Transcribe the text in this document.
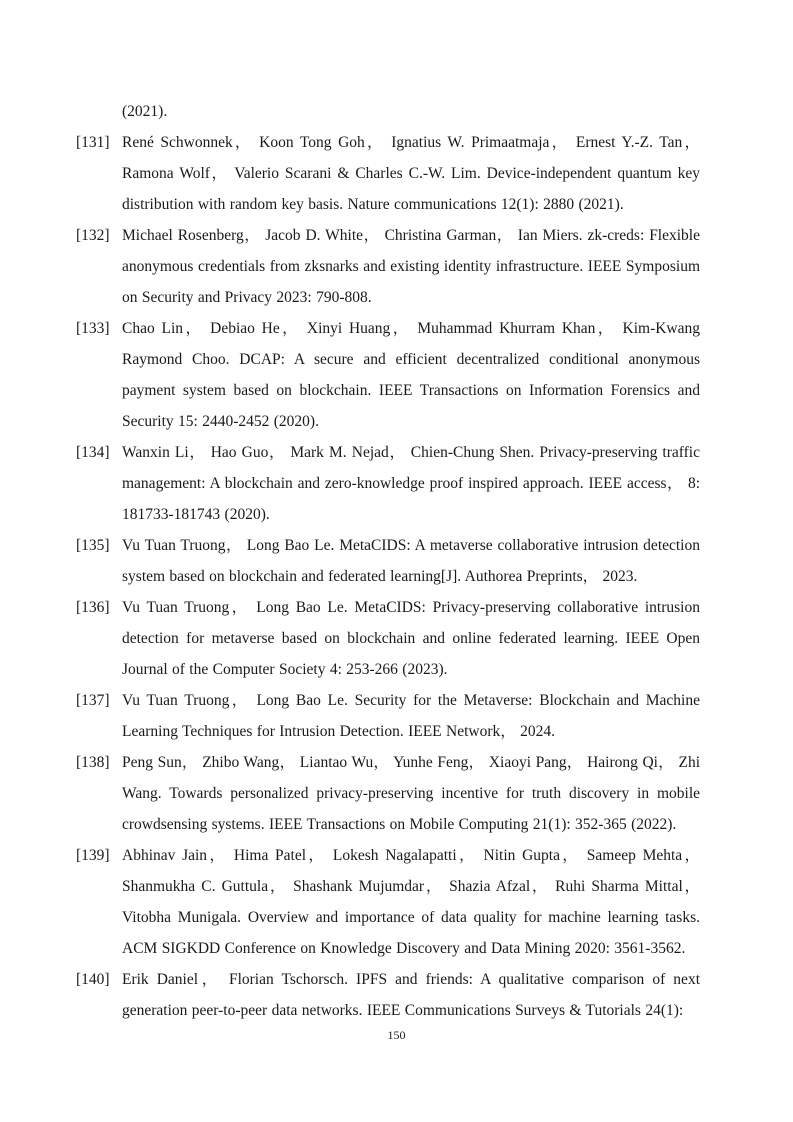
(2021).
[131] René Schwonnek， Koon Tong Goh， Ignatius W. Primaatmaja， Ernest Y.-Z. Tan， Ramona Wolf， Valerio Scarani & Charles C.-W. Lim. Device-independent quantum key distribution with random key basis. Nature communications 12(1): 2880 (2021).
[132] Michael Rosenberg， Jacob D. White， Christina Garman， Ian Miers. zk-creds: Flexible anonymous credentials from zksnarks and existing identity infrastructure. IEEE Symposium on Security and Privacy 2023: 790-808.
[133] Chao Lin， Debiao He， Xinyi Huang， Muhammad Khurram Khan， Kim-Kwang Raymond Choo. DCAP: A secure and efficient decentralized conditional anonymous payment system based on blockchain. IEEE Transactions on Information Forensics and Security 15: 2440-2452 (2020).
[134] Wanxin Li， Hao Guo， Mark M. Nejad， Chien-Chung Shen. Privacy-preserving traffic management: A blockchain and zero-knowledge proof inspired approach. IEEE access， 8: 181733-181743 (2020).
[135] Vu Tuan Truong， Long Bao Le. MetaCIDS: A metaverse collaborative intrusion detection system based on blockchain and federated learning[J]. Authorea Preprints， 2023.
[136] Vu Tuan Truong， Long Bao Le. MetaCIDS: Privacy-preserving collaborative intrusion detection for metaverse based on blockchain and online federated learning. IEEE Open Journal of the Computer Society 4: 253-266 (2023).
[137] Vu Tuan Truong， Long Bao Le. Security for the Metaverse: Blockchain and Machine Learning Techniques for Intrusion Detection. IEEE Network， 2024.
[138] Peng Sun， Zhibo Wang， Liantao Wu， Yunhe Feng， Xiaoyi Pang， Hairong Qi， Zhi Wang. Towards personalized privacy-preserving incentive for truth discovery in mobile crowdsensing systems. IEEE Transactions on Mobile Computing 21(1): 352-365 (2022).
[139] Abhinav Jain， Hima Patel， Lokesh Nagalapatti， Nitin Gupta， Sameep Mehta， Shanmukha C. Guttula， Shashank Mujumdar， Shazia Afzal， Ruhi Sharma Mittal， Vitobha Munigala. Overview and importance of data quality for machine learning tasks. ACM SIGKDD Conference on Knowledge Discovery and Data Mining 2020: 3561-3562.
[140] Erik Daniel， Florian Tschorsch. IPFS and friends: A qualitative comparison of next generation peer-to-peer data networks. IEEE Communications Surveys & Tutorials 24(1):
150
